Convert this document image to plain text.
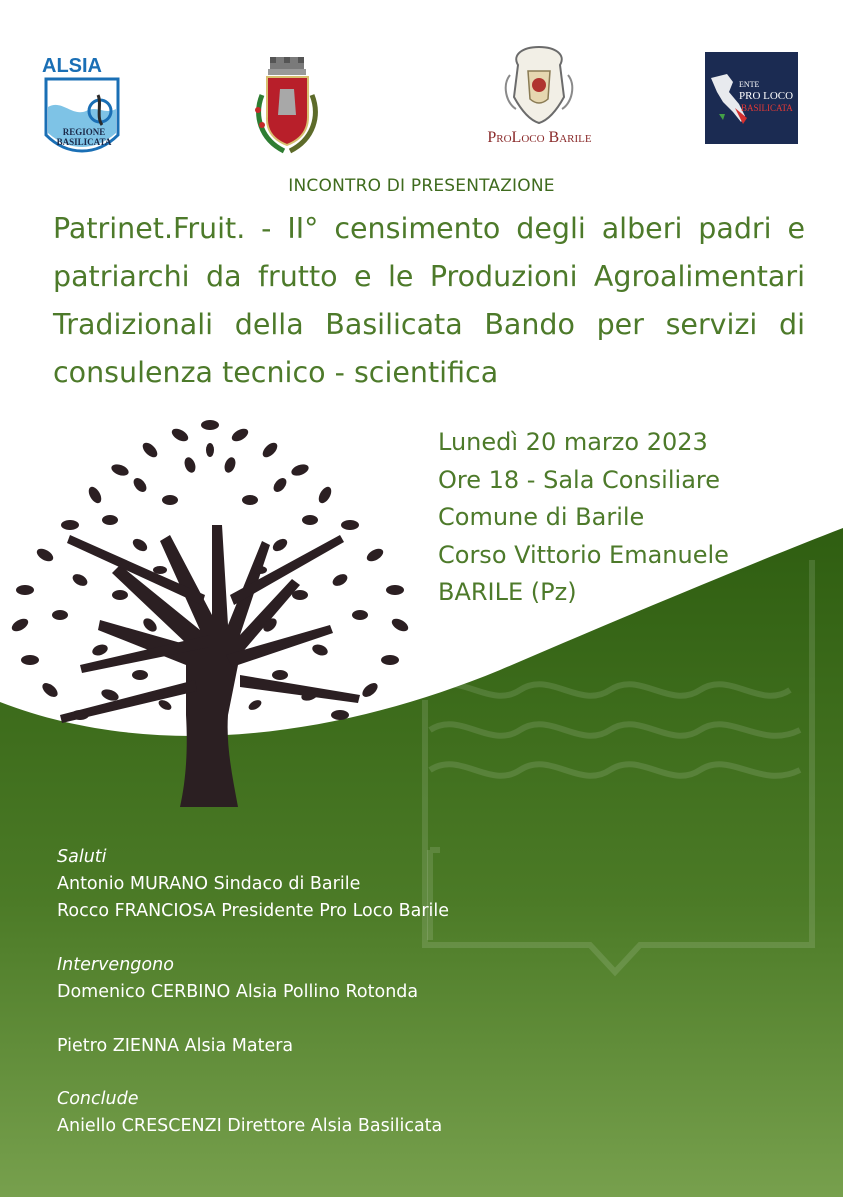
ALSIA
REGIONE BASILICATA	ProLoco Barile
ENTE
PRO LOCO
BASILICATA
INCONTRO DI PRESENTAZIONE
Patrinet.Fruit. - II° censimento degli alberi padri e patriarchi da frutto e le Produzioni Agroalimentari Tradizionali della Basilicata Bando per servizi di consulenza tecnico - scientifica
Lunedì 20 marzo 2023
Ore 18 - Sala Consiliare
Comune di Barile
Corso Vittorio Emanuele
BARILE (Pz)
Saluti
Antonio MURANO Sindaco di Barile
Rocco FRANCIOSA Presidente Pro Loco Barile
Intervengono
Domenico CERBINO Alsia Pollino Rotonda
Pietro ZIENNA Alsia Matera
Conclude
Aniello CRESCENZI Direttore Alsia Basilicata
